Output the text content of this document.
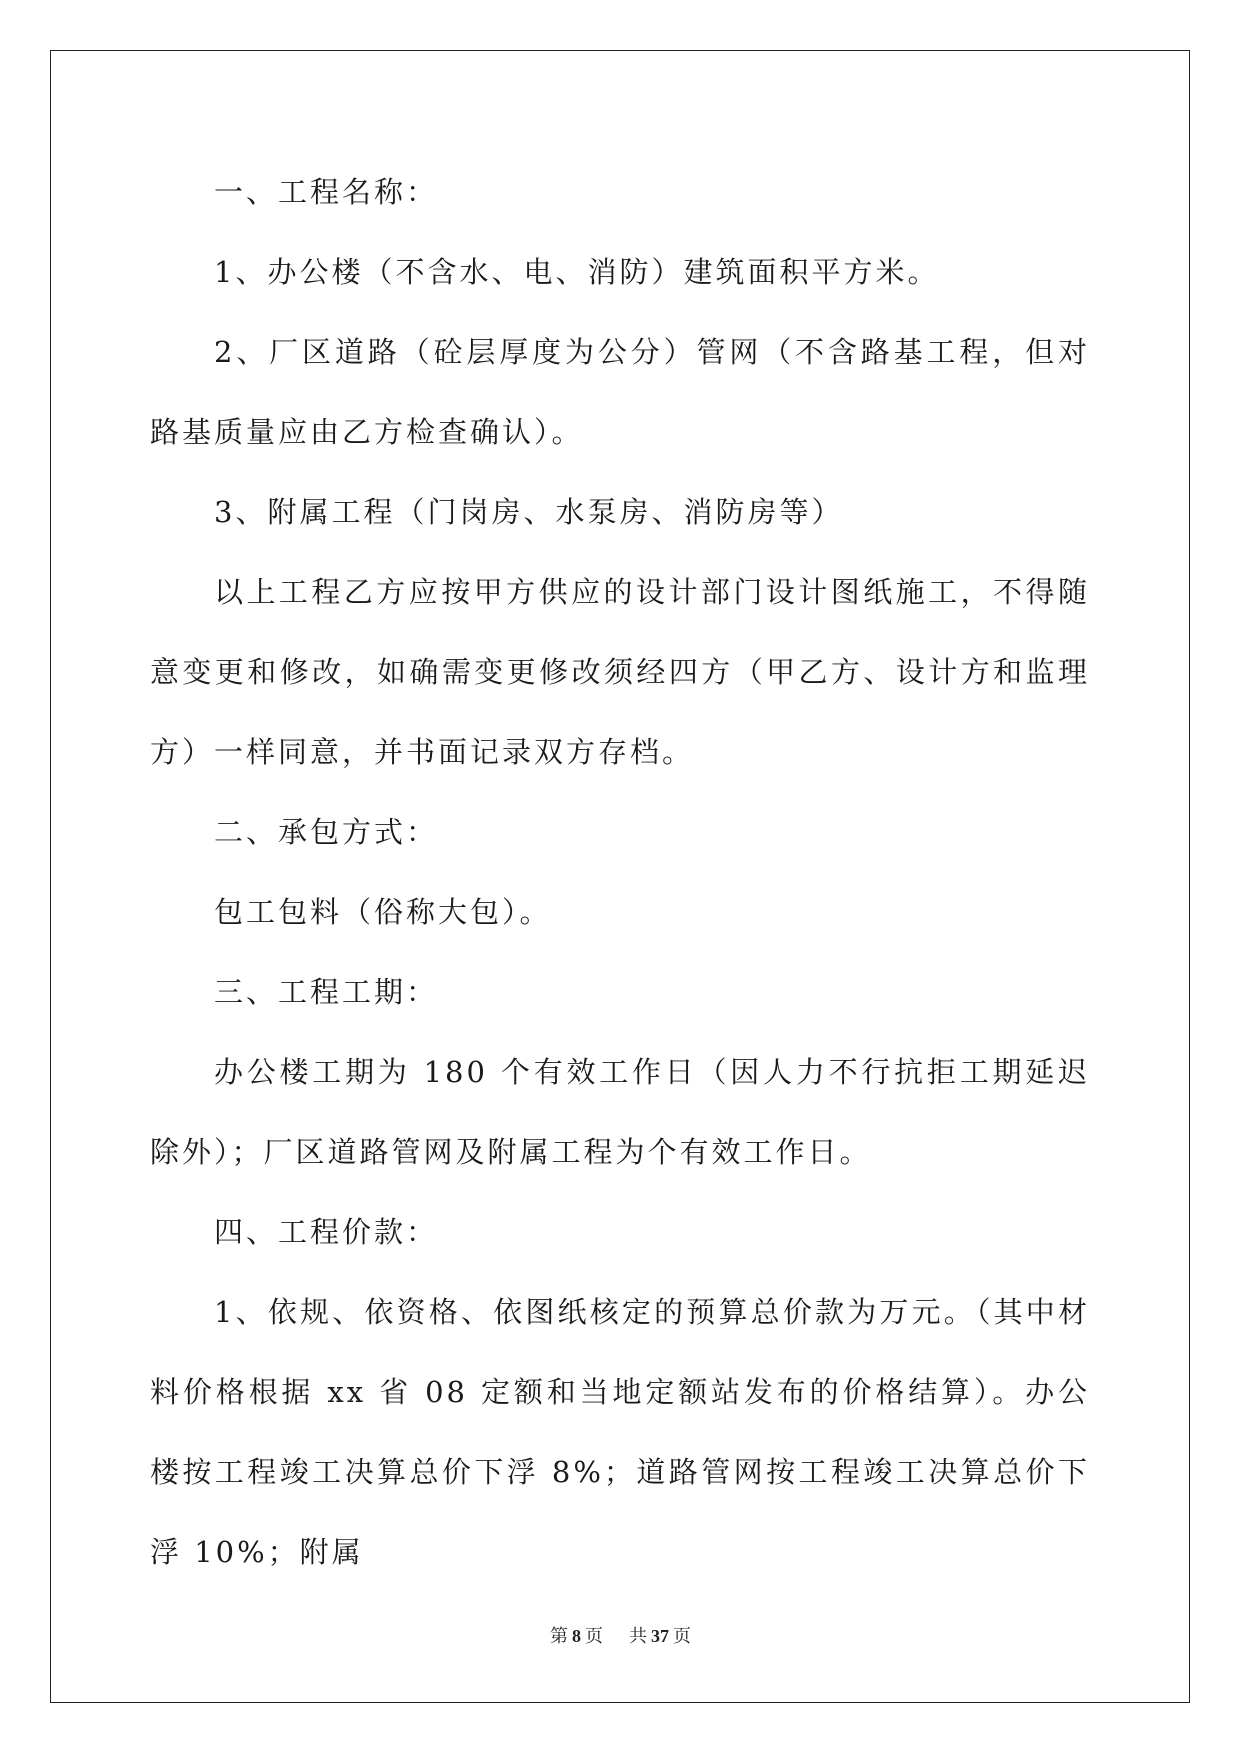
一、工程名称：

1、办公楼（不含水、电、消防）建筑面积平方米。

2、厂区道路（砼层厚度为公分）管网（不含路基工程，但对路基质量应由乙方检查确认）。

3、附属工程（门岗房、水泵房、消防房等）

以上工程乙方应按甲方供应的设计部门设计图纸施工，不得随意变更和修改，如确需变更修改须经四方（甲乙方、设计方和监理方）一样同意，并书面记录双方存档。

二、承包方式：

包工包料（俗称大包）。

三、工程工期：

办公楼工期为 180 个有效工作日（因人力不行抗拒工期延迟除外）；厂区道路管网及附属工程为个有效工作日。

四、工程价款：

1、依规、依资格、依图纸核定的预算总价款为万元。（其中材料价格根据 xx 省 08 定额和当地定额站发布的价格结算）。办公楼按工程竣工决算总价下浮 8%；道路管网按工程竣工决算总价下浮 10%；附属

第 8 页 共 37 页
